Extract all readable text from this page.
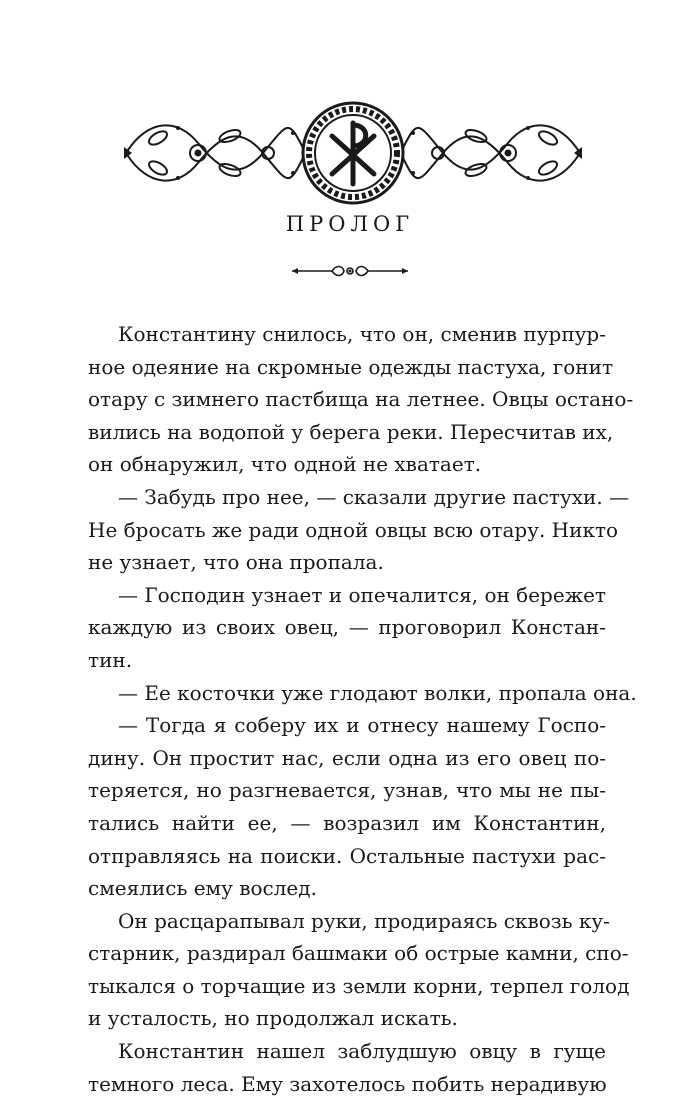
ПРОЛОГ

Константину снилось, что он, сменив пурпур-

ное одеяние на скромные одежды пастуха, гонит

отару с зимнего пастбища на летнее. Овцы остано-

вились на водопой у берега реки. Пересчитав их,

он обнаружил, что одной не хватает.

— Забудь про нее, — сказали другие пастухи. —

Не бросать же ради одной овцы всю отару. Никто

не узнает, что она пропала.

— Господин узнает и опечалится, он бережет

каждую из своих овец, — проговорил Констан-

тин.

— Ее косточки уже глодают волки, пропала она.

— Тогда я соберу их и отнесу нашему Госпо-

дину. Он простит нас, если одна из его овец по-

теряется, но разгневается, узнав, что мы не пы-

тались найти ее, — возразил им Константин,

отправляясь на поиски. Остальные пастухи рас-

смеялись ему вослед.

Он расцарапывал руки, продираясь сквозь ку-

старник, раздирал башмаки об острые камни, спо-

тыкался о торчащие из земли корни, терпел голод

и усталость, но продолжал искать.

Константин нашел заблудшую овцу в гуще

темного леса. Ему захотелось побить нерадивую
